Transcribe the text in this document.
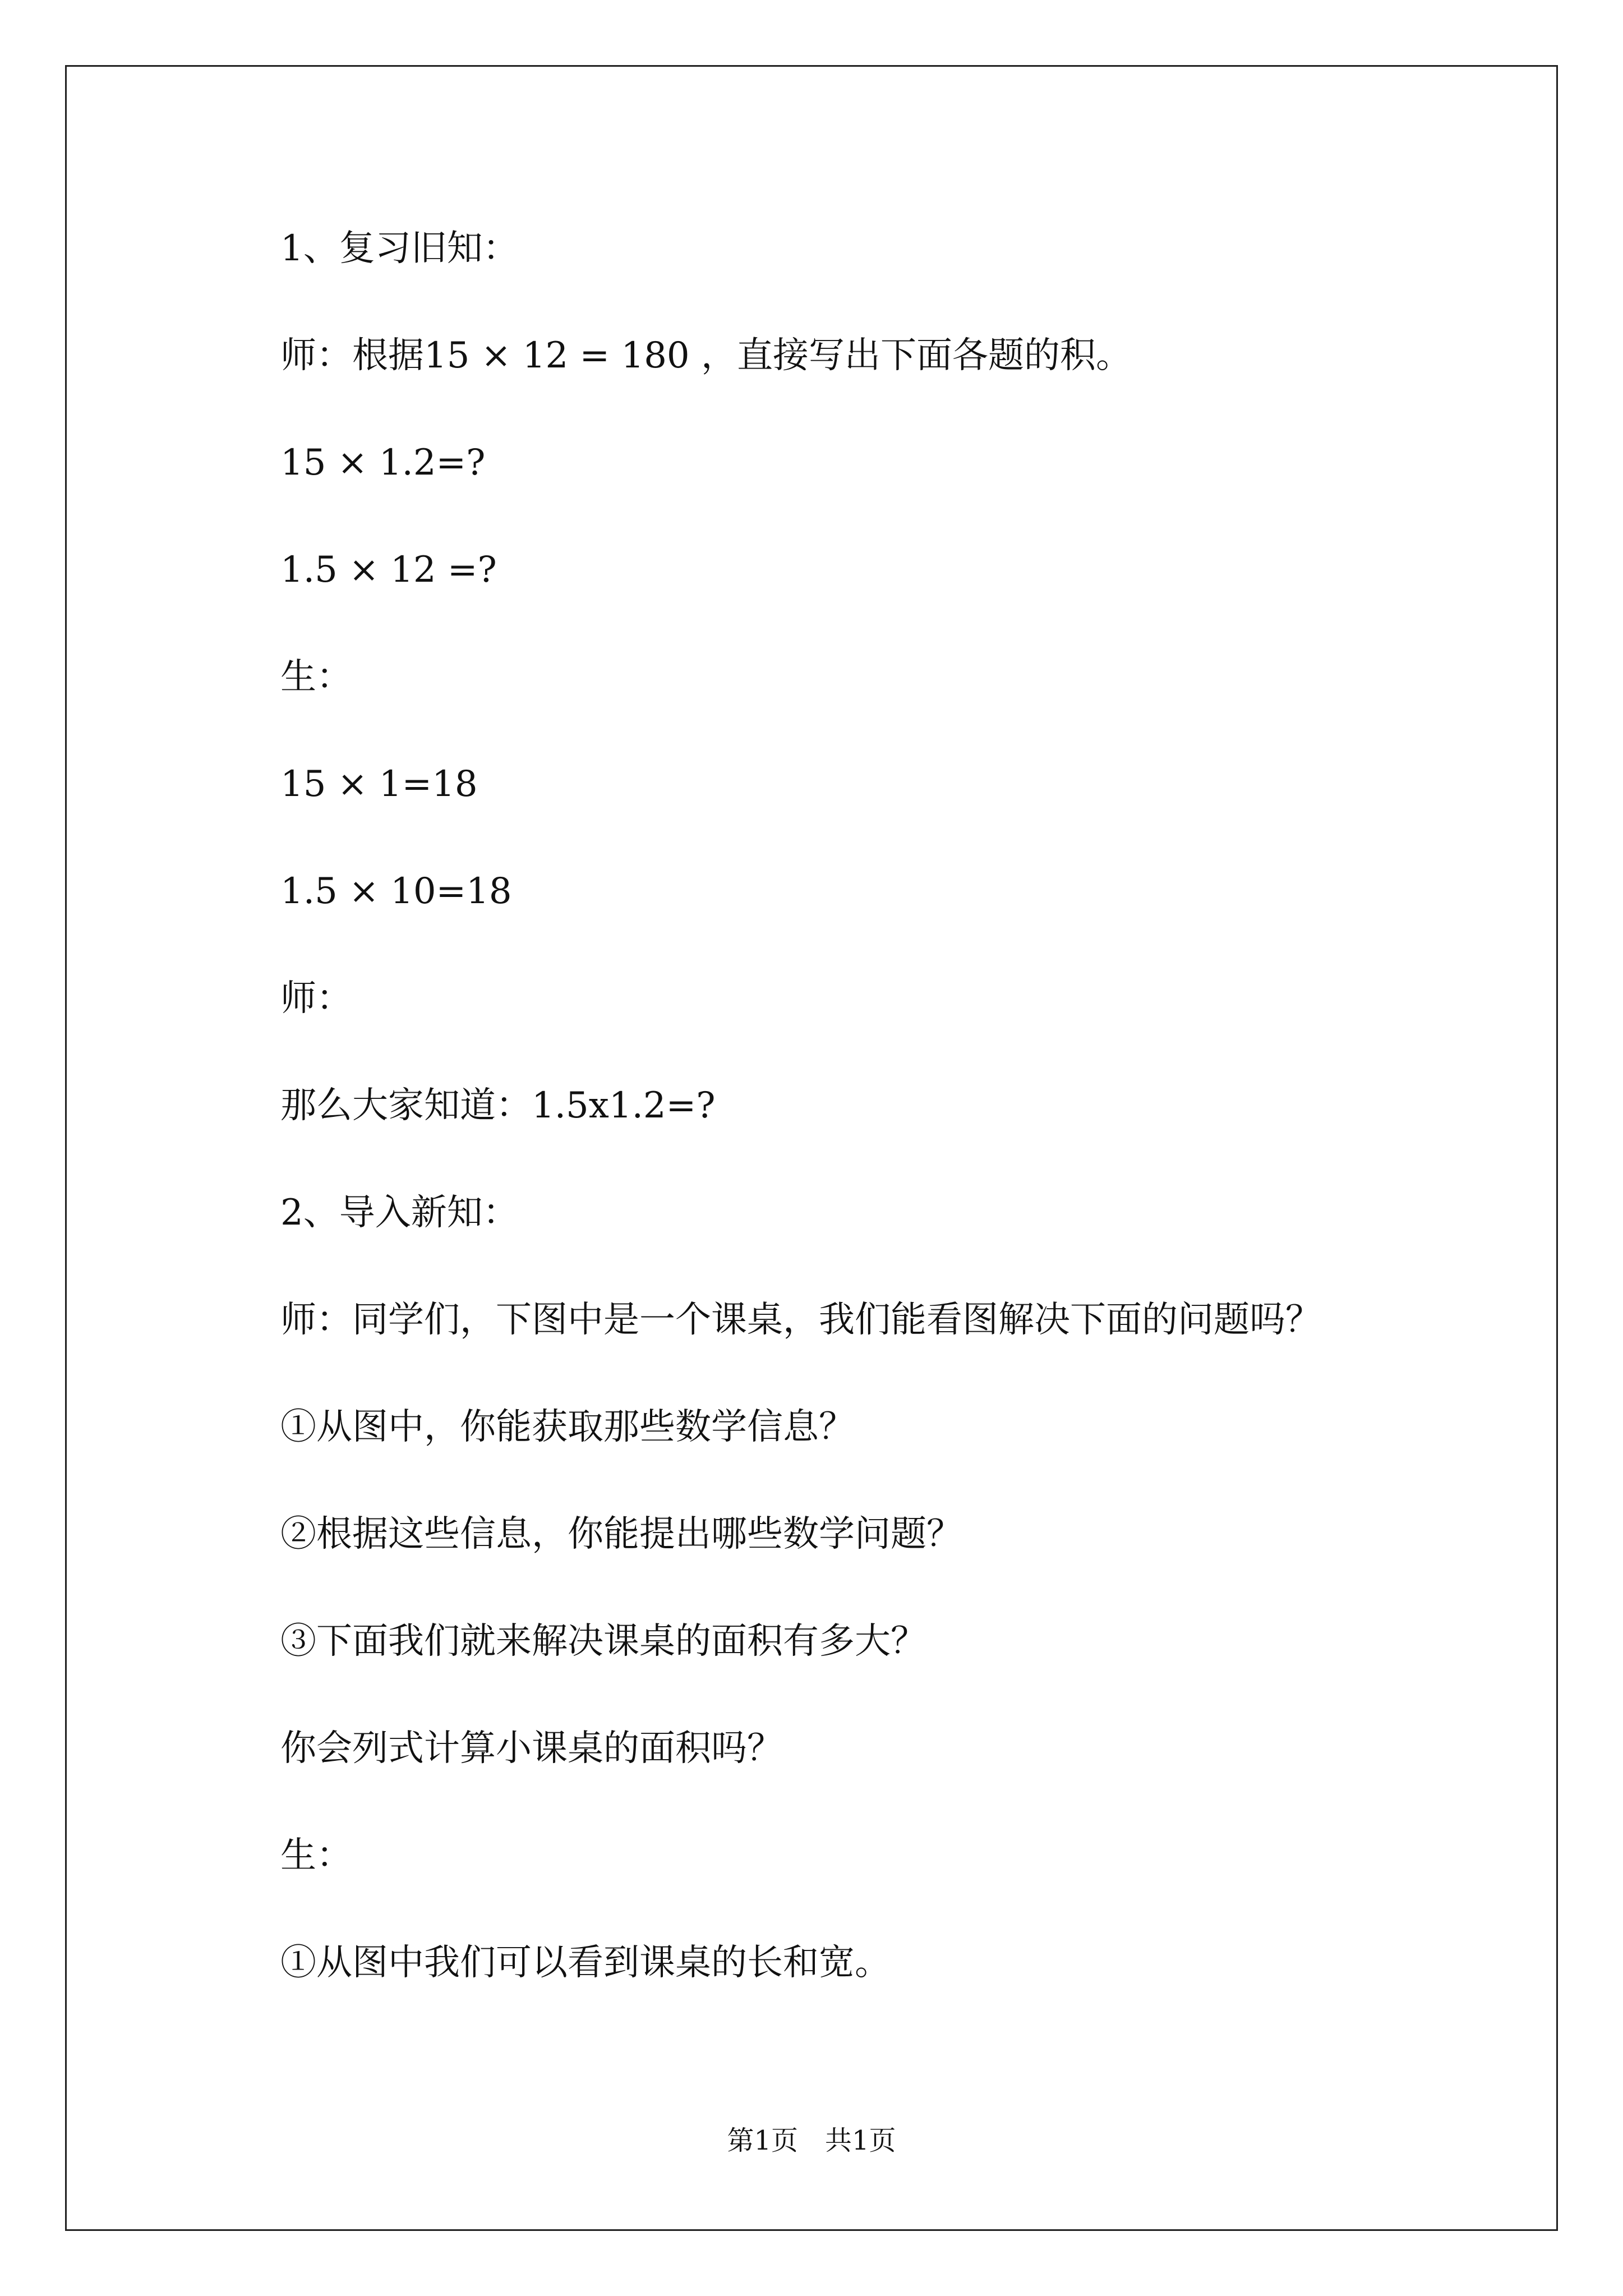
1、复习旧知：

师：根据15 × 12 = 180 ，直接写出下面各题的积。

15 × 1.2=?

1.5 × 12 =?

生：

15 × 1=18

1.5 × 10=18

师：

那么大家知道：1.5x1.2=?

2、导入新知：

师：同学们，下图中是一个课桌，我们能看图解决下面的问题吗？

①从图中，你能获取那些数学信息？

②根据这些信息，你能提出哪些数学问题？

③下面我们就来解决课桌的面积有多大？

你会列式计算小课桌的面积吗？

生：

①从图中我们可以看到课桌的长和宽。

第1页 共1页
